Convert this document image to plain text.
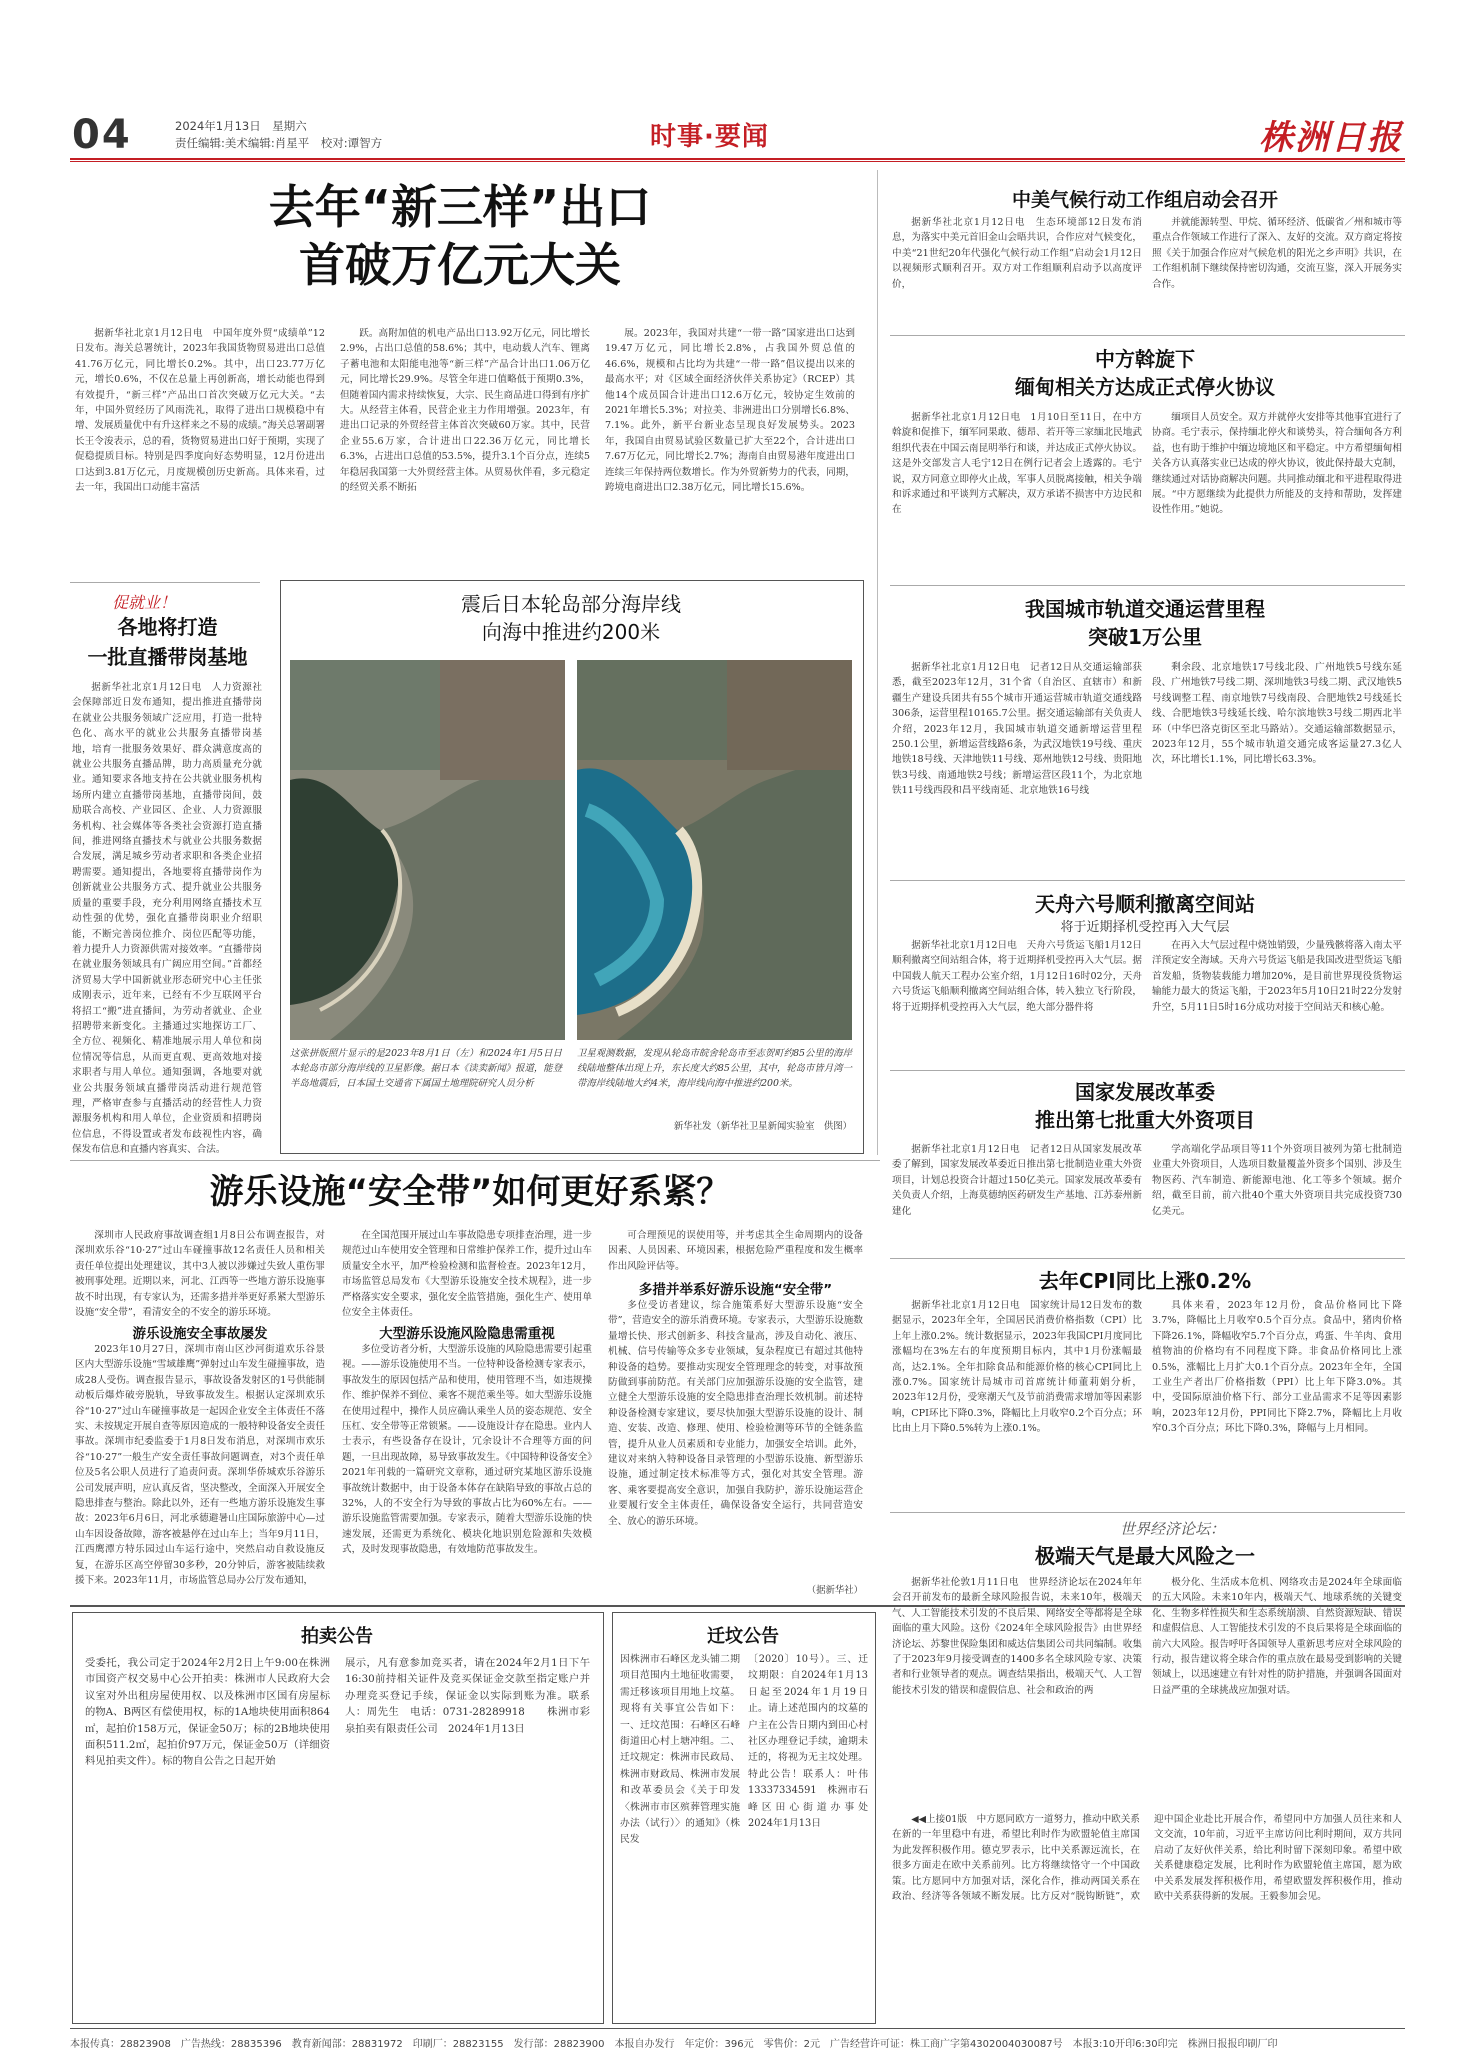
04	2024年1月13日　星期六
责任编辑:美术编辑:肖星平　校对:谭智方	时事·要闻	株洲日报
去年“新三样”出口
首破万亿元大关

据新华社北京1月12日电　中国年度外贸“成绩单”12日发布。海关总署统计，2023年我国货物贸易进出口总值41.76万亿元，同比增长0.2%。其中，出口23.77万亿元，增长0.6%，不仅在总量上再创新高，增长动能也得到有效提升，“新三样”产品出口首次突破万亿元大关。“去年，中国外贸经历了风雨洗礼，取得了进出口规模稳中有增、发展质量优中有升这样来之不易的成绩。”海关总署副署长王令浚表示，总的看，货物贸易进出口好于预期，实现了促稳提质目标。特别是四季度向好态势明显，12月份进出口达到3.81万亿元，月度规模创历史新高。具体来看，过去一年，我国出口动能丰富活

跃。高附加值的机电产品出口13.92万亿元，同比增长2.9%，占出口总值的58.6%；其中，电动载人汽车、锂离子蓄电池和太阳能电池等“新三样”产品合计出口1.06万亿元，同比增长29.9%。尽管全年进口值略低于预期0.3%，但随着国内需求持续恢复，大宗、民生商品进口得到有序扩大。从经营主体看，民营企业主力作用增强。2023年，有进出口记录的外贸经营主体首次突破60万家。其中，民营企业55.6万家，合计进出口22.36万亿元，同比增长6.3%，占进出口总值的53.5%，提升3.1个百分点，连续5年稳居我国第一大外贸经营主体。从贸易伙伴看，多元稳定的经贸关系不断拓

展。2023年，我国对共建“一带一路”国家进出口达到19.47万亿元，同比增长2.8%，占我国外贸总值的46.6%，规模和占比均为共建“一带一路”倡议提出以来的最高水平；对《区域全面经济伙伴关系协定》（RCEP）其他14个成员国合计进出口12.6万亿元，较协定生效前的2021年增长5.3%；对拉美、非洲进出口分别增长6.8%、7.1%。此外，新平台新业态呈现良好发展势头。2023年，我国自由贸易试验区数量已扩大至22个，合计进出口7.67万亿元，同比增长2.7%；海南自由贸易港年度进出口连续三年保持两位数增长。作为外贸新势力的代表，同期，跨境电商进出口2.38万亿元，同比增长15.6%。

中美气候行动工作组启动会召开

据新华社北京1月12日电　生态环境部12日发布消息，为落实中美元首旧金山会晤共识，合作应对气候变化，中美“21世纪20年代强化气候行动工作组”启动会1月12日以视频形式顺利召开。双方对工作组顺利启动予以高度评价，

并就能源转型、甲烷、循环经济、低碳省／州和城市等重点合作领域工作进行了深入、友好的交流。双方商定将按照《关于加强合作应对气候危机的阳光之乡声明》共识，在工作组机制下继续保持密切沟通，交流互鉴，深入开展务实合作。

中方斡旋下
缅甸相关方达成正式停火协议

据新华社北京1月12日电　1月10日至11日，在中方斡旋和促推下，缅军同果敢、德昂、若开等三家缅北民地武组织代表在中国云南昆明举行和谈，并达成正式停火协议。这是外交部发言人毛宁12日在例行记者会上透露的。毛宁说，双方同意立即停火止战，军事人员脱离接触，相关争端和诉求通过和平谈判方式解决，双方承诺不损害中方边民和在

缅项目人员安全。双方并就停火安排等其他事宜进行了协商。毛宁表示，保持缅北停火和谈势头，符合缅甸各方利益，也有助于维护中缅边境地区和平稳定。中方希望缅甸相关各方认真落实业已达成的停火协议，彼此保持最大克制，继续通过对话协商解决问题。共同推动缅北和平进程取得进展。“中方愿继续为此提供力所能及的支持和帮助，发挥建设性作用。”她说。

我国城市轨道交通运营里程
突破1万公里

据新华社北京1月12日电　记者12日从交通运输部获悉，截至2023年12月，31个省（自治区、直辖市）和新疆生产建设兵团共有55个城市开通运营城市轨道交通线路306条，运营里程10165.7公里。据交通运输部有关负责人介绍，2023年12月，我国城市轨道交通新增运营里程250.1公里，新增运营线路6条，为武汉地铁19号线、重庆地铁18号线、天津地铁11号线、郑州地铁12号线、贵阳地铁3号线、南通地铁2号线；新增运营区段11个，为北京地铁11号线西段和昌平线南延、北京地铁16号线

剩余段、北京地铁17号线北段、广州地铁5号线东延段、广州地铁7号线二期、深圳地铁3号线二期、武汉地铁5号线调整工程、南京地铁7号线南段、合肥地铁2号线延长线、合肥地铁3号线延长线、哈尔滨地铁3号线二期西北半环（中华巴洛克街区至北马路站）。交通运输部数据显示，2023年12月，55个城市轨道交通完成客运量27.3亿人次，环比增长1.1%，同比增长63.3%。

天舟六号顺利撤离空间站
将于近期择机受控再入大气层

据新华社北京1月12日电　天舟六号货运飞船1月12日顺利撤离空间站组合体，将于近期择机受控再入大气层。据中国载人航天工程办公室介绍，1月12日16时02分，天舟六号货运飞船顺利撤离空间站组合体，转入独立飞行阶段，将于近期择机受控再入大气层，绝大部分器件将

在再入大气层过程中烧蚀销毁，少量残骸将落入南太平洋预定安全海域。天舟六号货运飞船是我国改进型货运飞船首发船，货物装载能力增加20%，是目前世界现役货物运输能力最大的货运飞船，于2023年5月10日21时22分发射升空，5月11日5时16分成功对接于空间站天和核心舱。

国家发展改革委
推出第七批重大外资项目

据新华社北京1月12日电　记者12日从国家发展改革委了解到，国家发展改革委近日推出第七批制造业重大外资项目，计划总投资合计超过150亿美元。国家发展改革委有关负责人介绍，上海莫德纳医药研发生产基地、江苏泰州新建化

学高端化学品项目等11个外资项目被列为第七批制造业重大外资项目，人选项目数量覆盖外资多个国别、涉及生物医药、汽车制造、新能源电池、化工等多个领域。据介绍，截至目前，前六批40个重大外资项目共完成投资730亿美元。

去年CPI同比上涨0.2%

据新华社北京1月12日电　国家统计局12日发布的数据显示，2023年全年，全国居民消费价格指数（CPI）比上年上涨0.2%。统计数据显示，2023年我国CPI月度同比涨幅均在3%左右的年度预期目标内，其中1月份涨幅最高，达2.1%。全年扣除食品和能源价格的核心CPI同比上涨0.7%。国家统计局城市司首席统计师董莉娟分析，2023年12月份，受寒潮天气及节前消费需求增加等因素影响，CPI环比下降0.3%，降幅比上月收窄0.2个百分点；环比由上月下降0.5%转为上涨0.1%。

具体来看，2023年12月份，食品价格同比下降3.7%，降幅比上月收窄0.5个百分点。食品中，猪肉价格下降26.1%，降幅收窄5.7个百分点，鸡蛋、牛羊肉、食用植物油的价格均有不同程度下降。非食品价格同比上涨0.5%，涨幅比上月扩大0.1个百分点。2023年全年，全国工业生产者出厂价格指数（PPI）比上年下降3.0%。其中，受国际原油价格下行、部分工业品需求不足等因素影响，2023年12月份，PPI同比下降2.7%，降幅比上月收窄0.3个百分点；环比下降0.3%，降幅与上月相同。

世界经济论坛：
极端天气是最大风险之一

据新华社伦敦1月11日电　世界经济论坛在2024年年会召开前发布的最新全球风险报告说，未来10年，极端天气、人工智能技术引发的不良后果、网络安全等都将是全球面临的重大风险。这份《2024年全球风险报告》由世界经济论坛、苏黎世保险集团和威达信集团公司共同编制。收集了于2023年9月接受调查的1400多名全球风险专家、决策者和行业领导者的观点。调查结果指出，极端天气、人工智能技术引发的错误和虚假信息、社会和政治的两

极分化、生活成本危机、网络攻击是2024年全球面临的五大风险。未来10年内，极端天气、地球系统的关键变化、生物多样性损失和生态系统崩溃、自然资源短缺、错误和虚假信息、人工智能技术引发的不良后果将是全球面临的前六大风险。报告呼吁各国领导人重新思考应对全球风险的行动，报告建议将全球合作的重点放在最易受到影响的关键领域上，以迅速建立有针对性的防护措施，并强调各国面对日益严重的全球挑战应加强对话。

促就业！
各地将打造
一批直播带岗基地

据新华社北京1月12日电　人力资源社会保障部近日发布通知，提出推进直播带岗在就业公共服务领域广泛应用，打造一批特色化、高水平的就业公共服务直播带岗基地，培育一批服务效果好、群众满意度高的就业公共服务直播品牌，助力高质量充分就业。通知要求各地支持在公共就业服务机构场所内建立直播带岗基地，直播带岗间，鼓励联合高校、产业园区、企业、人力资源服务机构、社会媒体等各类社会资源打造直播间，推进网络直播技术与就业公共服务数据合发展，满足城乡劳动者求职和各类企业招聘需要。通知提出，各地要将直播带岗作为创新就业公共服务方式、提升就业公共服务质量的重要手段，充分利用网络直播技术互动性强的优势，强化直播带岗职业介绍职能，不断完善岗位推介、岗位匹配等功能，着力提升人力资源供需对接效率。“直播带岗在就业服务领域具有广阔应用空间。”首都经济贸易大学中国新就业形态研究中心主任张成刚表示，近年来，已经有不少互联网平台将招工“搬”进直播间，为劳动者就业、企业招聘带来新变化。主播通过实地探访工厂、全方位、视频化、精准地展示用人单位和岗位情况等信息，从而更直观、更高效地对接求职者与用人单位。通知强调，各地要对就业公共服务领域直播带岗活动进行规范管理，严格审查参与直播活动的经营性人力资源服务机构和用人单位，企业资质和招聘岗位信息，不得设置或者发布歧视性内容，确保发布信息和直播内容真实、合法。

震后日本轮岛部分海岸线
向海中推进约200米
这张拼版照片显示的是2023年8月1日（左）和2024年1月5日日本轮岛市部分海岸线的卫星影像。据日本《读卖新闻》报道，能登半岛地震后，日本国土交通省下属国土地理院研究人员分析
卫星观测数据，发现从轮岛市皖舍轮岛市至志贺町约85公里的海岸线陆地整体出现上升，东长度大约85公里，其中，轮岛市皆月湾一带海岸线陆地大约4米，海岸线向海中推进约200米。
新华社发（新华社卫星新闻实验室　供图）
游乐设施“安全带”如何更好系紧？

深圳市人民政府事故调查组1月8日公布调查报告，对深圳欢乐谷“10·27”过山车碰撞事故12名责任人员和相关责任单位提出处理建议，其中3人被以涉嫌过失致人重伤罪被刑事处理。近期以来，河北、江西等一些地方游乐设施事故不时出现，有专家认为，还需多措并举更好系紧大型游乐设施“安全带”，看清安全的不安全的游乐环境。

游乐设施安全事故屡发

2023年10月27日，深圳市南山区沙河街道欢乐谷景区内大型游乐设施“雪域雄鹰”弹射过山车发生碰撞事故，造成28人受伤。调查报告显示，事故设备发射区的1号供能制动板后爆炸破旁脱轨，导致事故发生。根据认定深圳欢乐谷“10·27”过山车碰撞事故是一起因企业安全主体责任不落实、未按规定开展自查等原因造成的一般特种设备安全责任事故。深圳市纪委监委于1月8日发布消息，对深圳市欢乐谷“10·27”一般生产安全责任事故问题调查，对3个责任单位及5名公职人员进行了追责问责。深圳华侨城欢乐谷游乐公司发展声明，应认真反省，坚决整改，全面深入开展安全隐患排查与整治。除此以外，还有一些地方游乐设施发生事故：2023年6月6日，河北承德避暑山庄国际旅游中心—过山车因设备故障，游客被悬停在过山车上；当年9月11日，江西鹰潭方特乐园过山车运行途中，突然启动自救设施反复，在游乐区高空停留30多秒，20分钟后，游客被陆续救援下来。2023年11月，市场监管总局办公厅发布通知，

在全国范围开展过山车事故隐患专项排查治理，进一步规范过山车使用安全管理和日常维护保养工作，提升过山车质量安全水平，加严检验检测和监督检查。2023年12月，市场监管总局发布《大型游乐设施安全技术规程》，进一步严格落实安全要求，强化安全监管措施，强化生产、使用单位安全主体责任。

大型游乐设施风险隐患需重视

多位受访者分析，大型游乐设施的风险隐患需要引起重视。——游乐设施使用不当。一位特种设备检测专家表示，事故发生的原因包括产品和使用，使用管理不当，如违规操作、维护保养不到位、乘客不规范乘坐等。如大型游乐设施在使用过程中，操作人员应确认乘坐人员的姿态规范、安全压杠、安全带等正常锁紧。——设施设计存在隐患。业内人士表示，有些设备存在设计，冗余设计不合理等方面的问题，一旦出现故障，易导致事故发生。《中国特种设备安全》2021年刊载的一篇研究文章称，通过研究某地区游乐设施事故统计数据中，由于设备本体存在缺陷导致的事故占总的32%，人的不安全行为导致的事故占比为60%左右。——游乐设施监管需要加强。专家表示，随着大型游乐设施的快速发展，还需更为系统化、模块化地识别危险源和失效模式，及时发现事故隐患，有效地防范事故发生。

可合理预见的误使用等，并考虑其全生命周期内的设备因素、人员因素、环境因素，根据危险严重程度和发生概率作出风险评估等。

多措并举系好游乐设施“安全带”

多位受访者建议，综合施策系好大型游乐设施“安全带”，营造安全的游乐消费环境。专家表示，大型游乐设施数量增长快、形式创新多、科技含量高，涉及自动化、液压、机械、信号传输等众多专业领域，复杂程度已有超过其他特种设备的趋势。要推动实现安全管理理念的转变，对事故预防做到事前防范。有关部门应加强游乐设施的安全监管，建立健全大型游乐设施的安全隐患排查治理长效机制。前述特种设备检测专家建议，要尽快加强大型游乐设施的设计、制造、安装、改造、修理、使用、检验检测等环节的全链条监管，提升从业人员素质和专业能力，加强安全培训。此外，建议对来纳入特种设备目录管理的小型游乐设施、新型游乐设施，通过制定技术标准等方式，强化对其安全管理。游客、乘客要提高安全意识，加强自我防护，游乐设施运营企业要履行安全主体责任，确保设备安全运行，共同营造安全、放心的游乐环境。

（据新华社）
拍卖公告
受委托，我公司定于2024年2月2日上午9:00在株洲市国资产权交易中心公开拍卖：株洲市人民政府大会议室对外出租房屋使用权、以及株洲市区国有房屋标的物A、B两区有偿使用权，标的1A地块使用面积864㎡，起拍价158万元，保证金50万；标的2B地块使用面积511.2㎡，起拍价97万元，保证金50万（详细资料见拍卖文件）。标的物自公告之日起开始
展示，凡有意参加竞买者，请在2024年2月1日下午16:30前持相关证件及竞买保证金交款至指定账户并办理竞买登记手续，保证金以实际到账为准。联系人：周先生　电话：0731-28289918　　株洲市彩泉拍卖有限责任公司　2024年1月13日
迁坟公告
因株洲市石峰区龙头铺二期项目范围内土地征收需要，需迁移该项目用地上坟墓。现将有关事宜公告如下：一、迁坟范围：石峰区石峰街道田心村上塘冲组。二、迁坟规定：株洲市民政局、株洲市财政局、株洲市发展和改革委员会《关于印发〈株洲市市区殡葬管理实施办法（试行）〉的通知》（株民发
〔2020〕10号）。三、迁坟期限：自2024年1月13日起至2024年1月19日止。请上述范围内的坟墓的户主在公告日期内到田心村社区办理登记手续，逾期未迁的，将视为无主坟处理。特此公告！联系人：叶伟　13337334591　株洲市石峰区田心街道办事处　2024年1月13日	◀◀上接01版　中方愿同欧方一道努力，推动中欧关系在新的一年里稳中有进，希望比利时作为欧盟轮值主席国为此发挥积极作用。德克罗表示，比中关系源远流长，在很多方面走在欧中关系前列。比方将继续恪守一个中国政策。比方愿同中方加强对话，深化合作，推动两国关系在政治、经济等各领域不断发展。比方反对“脱钩断链”，欢迎中国企业赴比开展合作，希望同中方加强人员往来和人文交流，10年前，习近平主席访问比利时期间，双方共同启动了友好伙伴关系，给比利时留下深刻印象。希望中欧关系健康稳定发展，比利时作为欧盟轮值主席国，愿为欧中关系发展发挥积极作用，希望欧盟发挥积极作用，推动欧中关系获得新的发展。王毅参加会见。

本报传真：28823908　广告热线：28835396　教育新闻部：28831972　印刷厂：28823155　发行部：28823900　本报自办发行　年定价：396元　零售价：2元　广告经营许可证：株工商广字第4302004030087号　本报3:10开印6:30印完　株洲日报报印刷厂印
